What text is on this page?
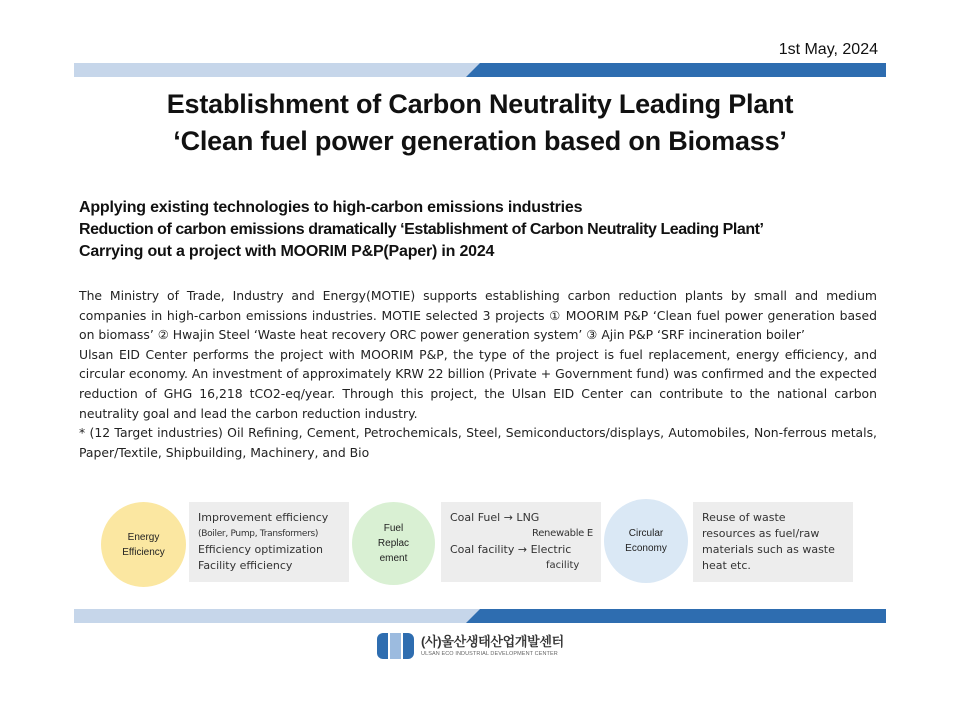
1st May, 2024
Establishment of Carbon Neutrality Leading Plant
‘Clean fuel power generation based on Biomass’
Applying existing technologies to high-carbon emissions industries
Reduction of carbon emissions dramatically ‘Establishment of Carbon Neutrality Leading Plant’
Carrying out a project with MOORIM P&P(Paper) in 2024

The Ministry of Trade, Industry and Energy(MOTIE) supports establishing carbon reduction plants by small and medium companies in high-carbon emissions industries. MOTIE selected 3 projects ① MOORIM P&P ‘Clean fuel power generation based on biomass’ ② Hwajin Steel ‘Waste heat recovery ORC power generation system’ ③ Ajin P&P ‘SRF incineration boiler’

Ulsan EID Center performs the project with MOORIM P&P, the type of the project is fuel replacement, energy efficiency, and circular economy. An investment of approximately KRW 22 billion (Private + Government fund) was confirmed and the expected reduction of GHG 16,218 tCO2-eq/year. Through this project, the Ulsan EID Center can contribute to the national carbon neutrality goal and lead the carbon reduction industry.

* (12 Target industries) Oil Refining, Cement, Petrochemicals, Steel, Semiconductors/displays, Automobiles, Non-ferrous metals, Paper/Textile, Shipbuilding, Machinery, and Bio

Energy
Efficiency
Improvement efficiency
(Boiler, Pump, Transformers)
Efficiency optimization
Facility efficiency
Fuel
Replac
ement
Coal Fuel → LNG
Renewable E
Coal facility → Electric
facility
Circular
Economy
Reuse of waste
resources as fuel/raw
materials such as waste
heat etc.
(사)울산생태산업개발센터
ULSAN ECO INDUSTRIAL DEVELOPMENT CENTER
